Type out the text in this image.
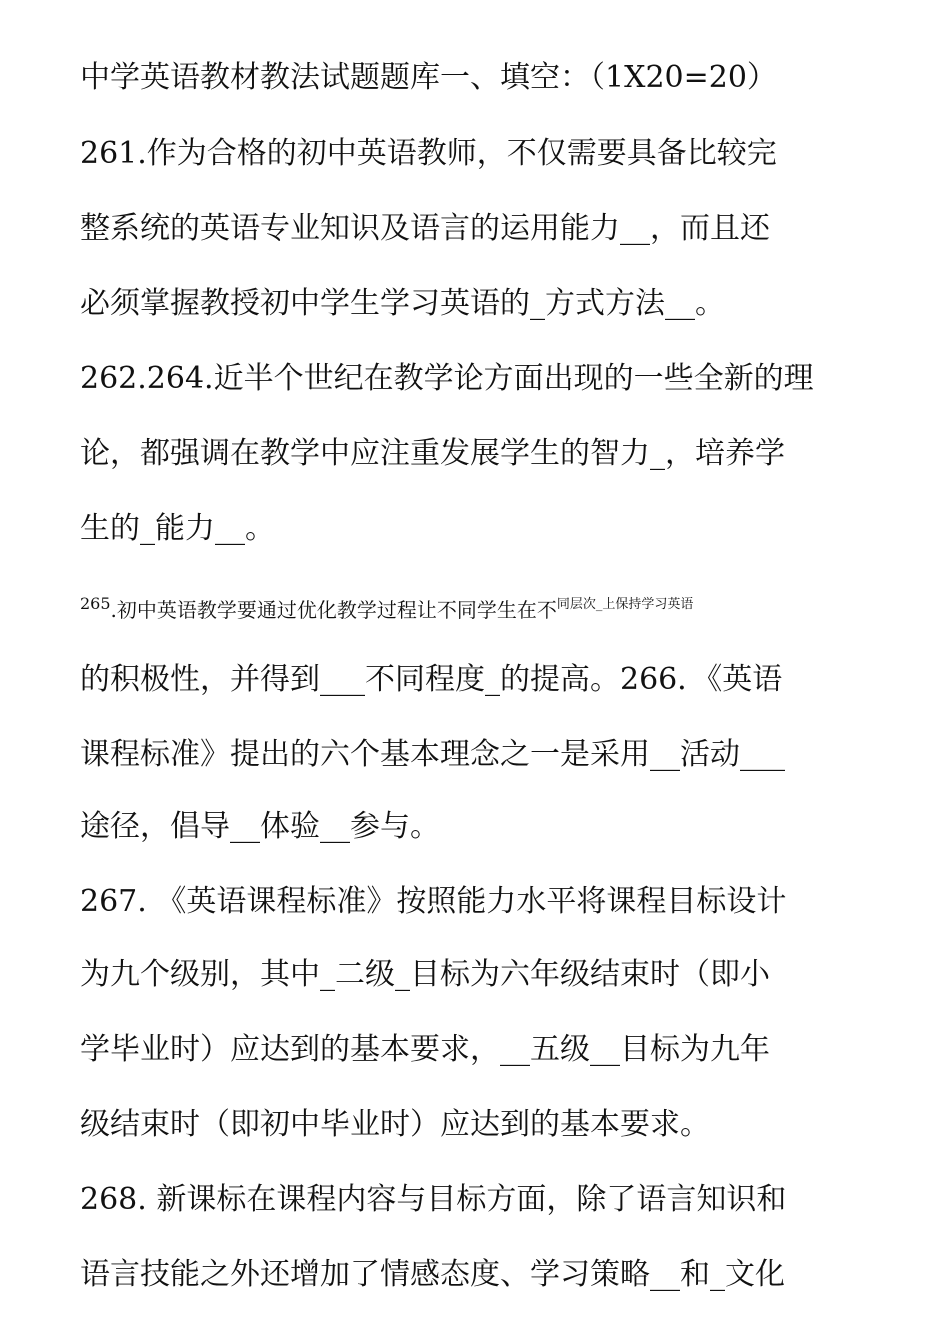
中学英语教材教法试题题库一、填空：（1X20=20）
261.作为合格的初中英语教师，不仅需要具备比较完
整系统的英语专业知识及语言的运用能力__，而且还
必须掌握教授初中学生学习英语的_方式方法__。
262.264.近半个世纪在教学论方面出现的一些全新的理
论，都强调在教学中应注重发展学生的智力_，培养学
生的_能力__。
$^{265}$.初中英语教学要通过优化教学过程让不同学生在不$^{同层次\_上保持学习英语}$
的积极性，并得到___不同程度_的提高。266．《英语
课程标准》提出的六个基本理念之一是采用__活动___
途径，倡导__体验__参与。
267. 《英语课程标准》按照能力水平将课程目标设计
为九个级别，其中_二级_目标为六年级结束时（即小
学毕业时）应达到的基本要求，__五级__目标为九年
级结束时（即初中毕业时）应达到的基本要求。
268. 新课标在课程内容与目标方面，除了语言知识和
语言技能之外还增加了情感态度、学习策略__和_文化
